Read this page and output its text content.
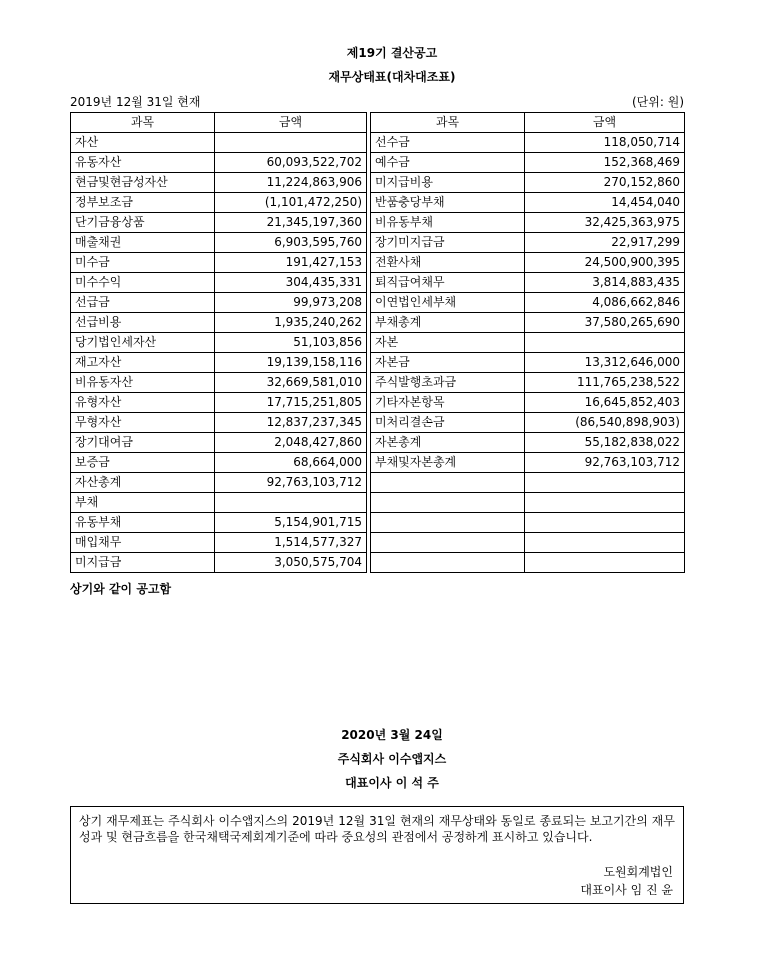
제19기 결산공고
재무상태표(대차대조표)
2019년 12월 31일 현재	(단위: 원)
과목	금액		과목	금액
자산			선수금	118,050,714
유동자산	60,093,522,702		예수금	152,368,469
현금및현금성자산	11,224,863,906		미지급비용	270,152,860
정부보조금	(1,101,472,250)		반품충당부채	14,454,040
단기금융상품	21,345,197,360		비유동부채	32,425,363,975
매출채권	6,903,595,760		장기미지급금	22,917,299
미수금	191,427,153		전환사채	24,500,900,395
미수수익	304,435,331		퇴직급여채무	3,814,883,435
선급금	99,973,208		이연법인세부채	4,086,662,846
선급비용	1,935,240,262		부채총계	37,580,265,690
당기법인세자산	51,103,856		자본	
재고자산	19,139,158,116		자본금	13,312,646,000
비유동자산	32,669,581,010		주식발행초과금	111,765,238,522
유형자산	17,715,251,805		기타자본항목	16,645,852,403
무형자산	12,837,237,345		미처리결손금	(86,540,898,903)
장기대여금	2,048,427,860		자본총계	55,182,838,022
보증금	68,664,000		부채및자본총계	92,763,103,712
자산총계	92,763,103,712			
부채				
유동부채	5,154,901,715			
매입채무	1,514,577,327			
미지급금	3,050,575,704			
상기와 같이 공고함
2020년 3월 24일
주식회사 이수앱지스
대표이사 이 석 주
상기 재무제표는 주식회사 이수앱지스의 2019년 12월 31일 현재의 재무상태와 동일로 종료되는 보고기간의 재무성과 및 현금흐름을 한국채택국제회계기준에 따라 중요성의 관점에서 공정하게 표시하고 있습니다.
도원회계법인
대표이사 임 진 윤
